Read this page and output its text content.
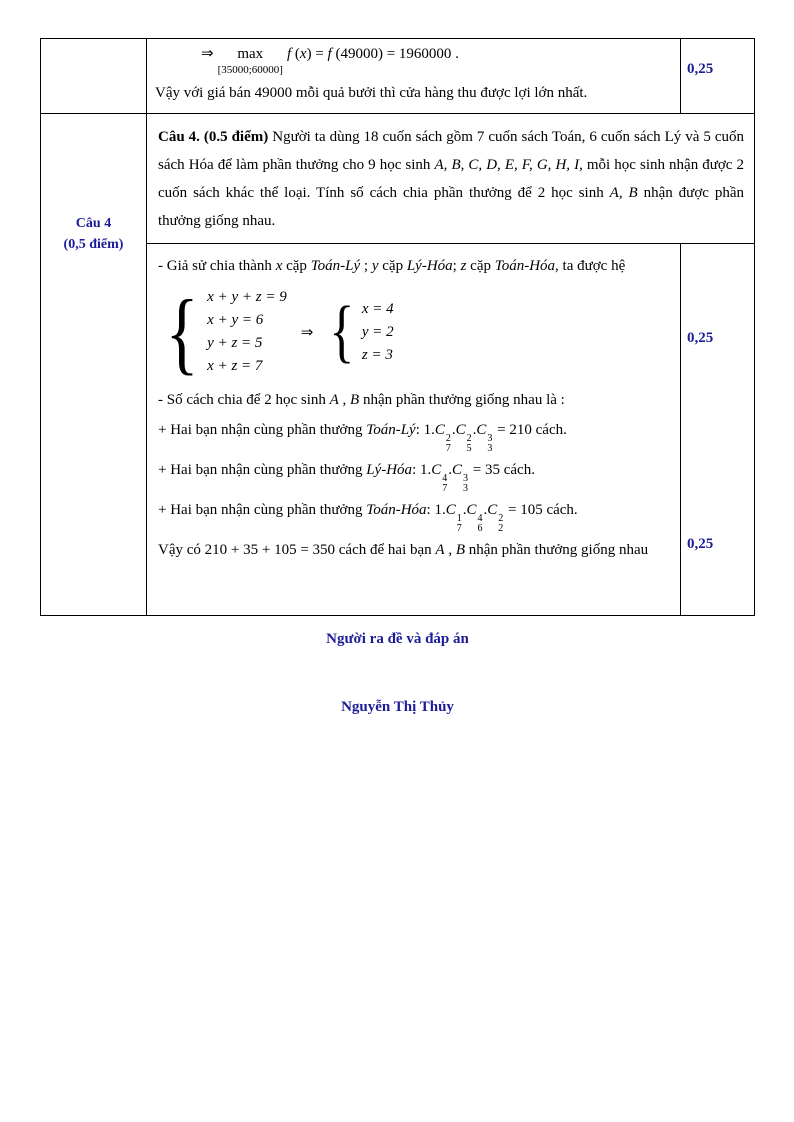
⇒ max
[35000;60000]
f (x) = f (49000) = 1960000 .
Vậy với giá bán 49000 mỗi quả bưởi thì cửa hàng thu được lợi lớn nhất.
0,25
Câu 4
(0,5 điểm)
Câu 4. (0.5 điểm) Người ta dùng 18 cuốn sách gồm 7 cuốn sách Toán, 6 cuốn sách Lý và 5 cuốn sách Hóa để làm phần thưởng cho 9 học sinh A, B, C, D, E, F, G, H, I, mỗi học sinh nhận được 2 cuốn sách khác thể loại. Tính số cách chia phần thưởng để 2 học sinh A, B nhận được phần thưởng giống nhau.
- Giả sử chia thành x cặp Toán-Lý ; y cặp Lý-Hóa; z cặp Toán-Hóa, ta được hệ
{ x + y + z = 9
x + y = 6
y + z = 5
x + z = 7
⇒ { x = 4
y = 2
z = 3
- Số cách chia để 2 học sinh A , B nhận phần thưởng giống nhau là :
+ Hai bạn nhận cùng phần thưởng Toán-Lý: 1.C
2
7
.C
2
5
.C
3
3
= 210 cách.
+ Hai bạn nhận cùng phần thưởng Lý-Hóa: 1.C
4
7
.C
3
3
= 35 cách.
+ Hai bạn nhận cùng phần thưởng Toán-Hóa: 1.C
1
7
.C
4
6
.C
2
2
= 105 cách.
Vậy có 210 + 35 + 105 = 350 cách để hai bạn A , B nhận phần thưởng giống nhau
0,25
0,25
Người ra đề và đáp án
Nguyễn Thị Thủy
